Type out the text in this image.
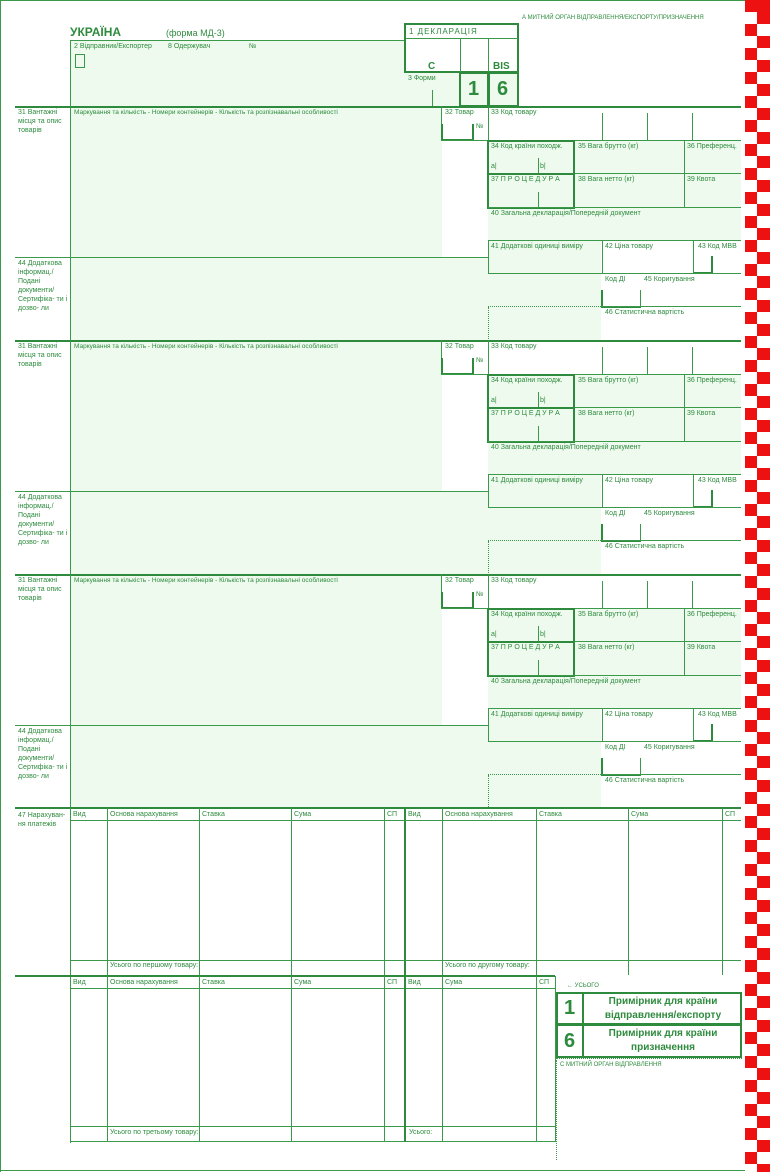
УКРАЇНА	(форма МД-3)
А МИТНИЙ ОРГАН ВІДПРАВЛЕННЯ/ЕКСПОРТУ/ПРИЗНАЧЕННЯ
2 Відправник/Експортер 8 Одержувач	№
1 ДЕКЛАРАЦІЯ
С	BIS
3 Форми 1 6
31 Вантажні місця та опис товарів
Маркування та кількість - Номери контейнерів - Кількість та розпізнавальні особливості	32 Товар
№
33 Код товару
34 Код країни походж.
a|	b|
35 Вага брутто (кг)	36 Преференц.
37 П Р О Ц Е Д У Р А	38 Вага нетто (кг)	39 Квота
40 Загальна декларація/Попередній документ
41 Додаткові одиниці виміру	42 Ціна товару	43 Код МВВ
44 Додаткова інформац./ Подані документи/ Сертифіка- ти і дозво- ли
Код ДІ	45 Коригування
46 Статистична вартість
31 Вантажні місця та опис товарів
Маркування та кількість - Номери контейнерів - Кількість та розпізнавальні особливості	32 Товар
№
33 Код товару
34 Код країни походж.
a|	b|
35 Вага брутто (кг)	36 Преференц.
37 П Р О Ц Е Д У Р А	38 Вага нетто (кг)	39 Квота
40 Загальна декларація/Попередній документ
41 Додаткові одиниці виміру	42 Ціна товару	43 Код МВВ
44 Додаткова інформац./ Подані документи/ Сертифіка- ти і дозво- ли
Код ДІ	45 Коригування
46 Статистична вартість
31 Вантажні місця та опис товарів
Маркування та кількість - Номери контейнерів - Кількість та розпізнавальні особливості	32 Товар
№
33 Код товару
34 Код країни походж.
a|	b|
35 Вага брутто (кг)	36 Преференц.
37 П Р О Ц Е Д У Р А	38 Вага нетто (кг)	39 Квота
40 Загальна декларація/Попередній документ
41 Додаткові одиниці виміру	42 Ціна товару	43 Код МВВ
44 Додаткова інформац./ Подані документи/ Сертифіка- ти і дозво- ли
Код ДІ	45 Коригування
46 Статистична вартість
47 Нарахуван- ня платежів
Вид	Основа нарахування	Ставка	Сума	СП Вид	Основа нарахування	Ставка	Сума	СП
Вид	Основа нарахування	Ставка	Сума	СП Вид	Сума	СП
Усього по першому товару:	Усього по другому товару:
Усього по третьому товару:	Усього:
← УСЬОГО
1	Примірник для країни відправлення/експорту
6	Примірник для країни призначення
С МИТНИЙ ОРГАН ВІДПРАВЛЕННЯ
